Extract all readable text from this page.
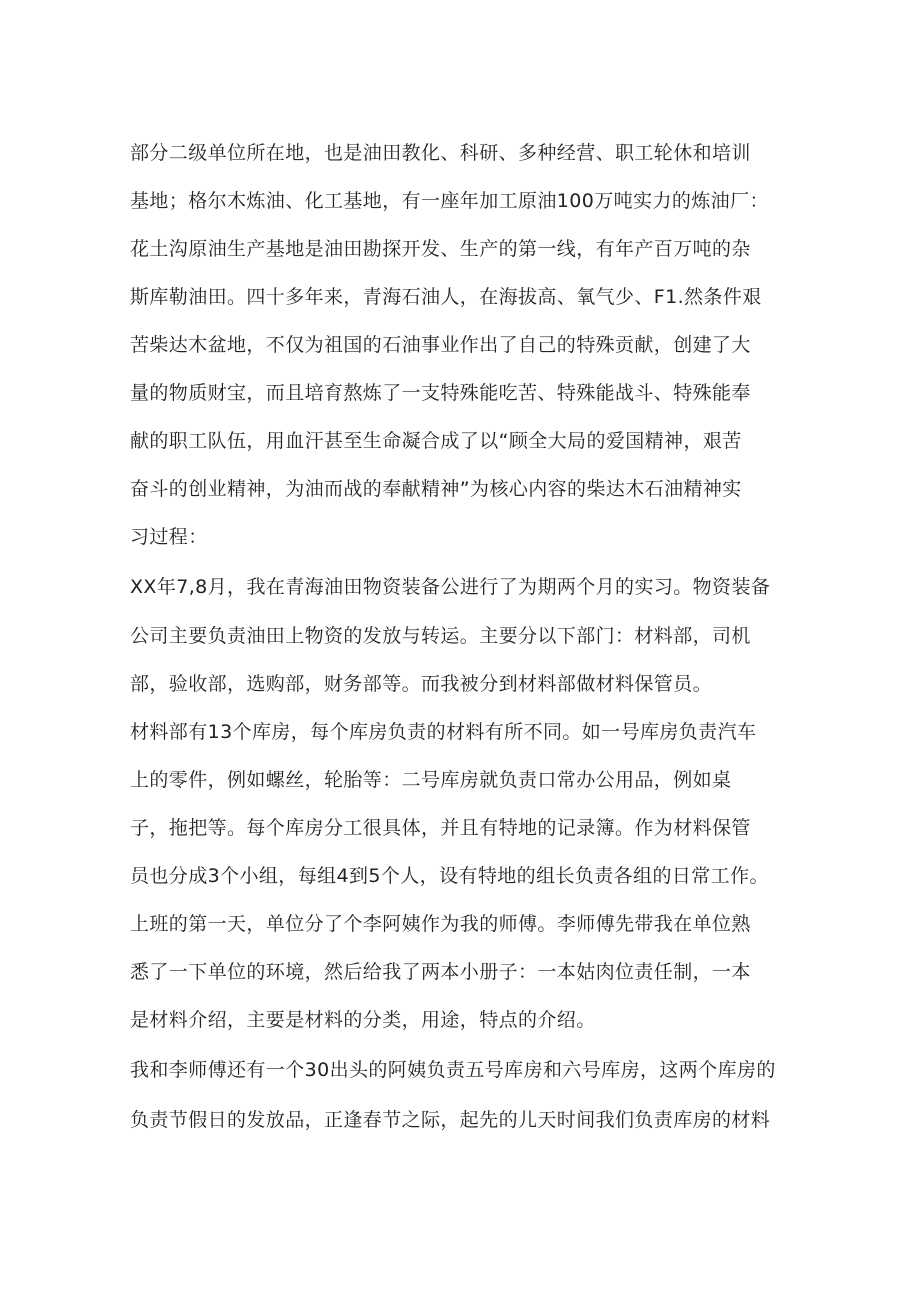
部分二级单位所在地，也是油田教化、科研、多种经营、职工轮休和培训
基地；格尔木炼油、化工基地，有一座年加工原油100万吨实力的炼油厂：
花土沟原油生产基地是油田勘探开发、生产的第一线，有年产百万吨的杂
斯库勒油田。四十多年来，青海石油人，在海拔高、氧气少、F1.然条件艰
苦柴达木盆地，不仅为祖国的石油事业作出了自己的特殊贡献，创建了大
量的物质财宝，而且培育熬炼了一支特殊能吃苦、特殊能战斗、特殊能奉
献的职工队伍，用血汗甚至生命凝合成了以“顾全大局的爱国精神，艰苦
奋斗的创业精神，为油而战的奉献精神”为核心内容的柴达木石油精神实
习过程：
XX年7,8月，我在青海油田物资装备公进行了为期两个月的实习。物资装备
公司主要负责油田上物资的发放与转运。主要分以下部门：材料部，司机
部，验收部，选购部，财务部等。而我被分到材料部做材料保管员。
材料部有13个库房，每个库房负责的材料有所不同。如一号库房负责汽车
上的零件，例如螺丝，轮胎等：二号库房就负责口常办公用品，例如桌
子，拖把等。每个库房分工很具体，并且有特地的记录簿。作为材料保管
员也分成3个小组，每组4到5个人，设有特地的组长负责各组的日常工作。
上班的第一天，单位分了个李阿姨作为我的师傅。李师傅先带我在单位熟
悉了一下单位的环境，然后给我了两本小册子：一本姑肉位责任制，一本
是材料介绍，主要是材料的分类，用途，特点的介绍。
我和李师傅还有一个30出头的阿姨负责五号库房和六号库房，这两个库房的
负责节假日的发放品，正逢春节之际，起先的儿天时间我们负责库房的材料
